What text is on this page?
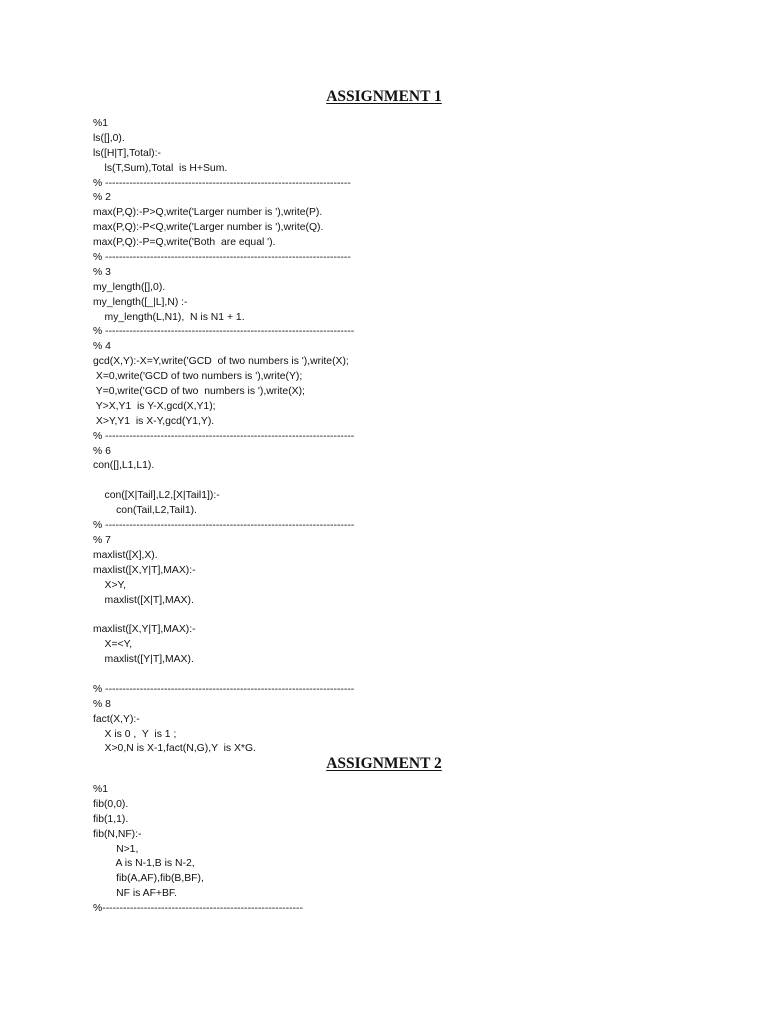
ASSIGNMENT 1
%1
ls([],0).
ls([H|T],Total):-
ls(T,Sum),Total  is H+Sum.
% -----------------------------------------------------------------------
% 2
max(P,Q):-P>Q,write('Larger number is '),write(P).
max(P,Q):-P<Q,write('Larger number is '),write(Q).
max(P,Q):-P=Q,write('Both  are equal ').
% -----------------------------------------------------------------------
% 3
my_length([],0).
my_length([_|L],N) :-
my_length(L,N1),  N is N1 + 1.
% ------------------------------------------------------------------------
% 4
gcd(X,Y):-X=Y,write('GCD  of two numbers is '),write(X);
X=0,write('GCD of two numbers is '),write(Y);
Y=0,write('GCD of two  numbers is '),write(X);
Y>X,Y1  is Y-X,gcd(X,Y1);
X>Y,Y1  is X-Y,gcd(Y1,Y).
% ------------------------------------------------------------------------
% 6
con([],L1,L1).
con([X|Tail],L2,[X|Tail1]):-
con(Tail,L2,Tail1).
% ------------------------------------------------------------------------
% 7
maxlist([X],X).
maxlist([X,Y|T],MAX):-
X>Y,
maxlist([X|T],MAX).
maxlist([X,Y|T],MAX):-
X=<Y,
maxlist([Y|T],MAX).
% ------------------------------------------------------------------------
% 8
fact(X,Y):-
X is 0 ,  Y  is 1 ;
X>0,N is X-1,fact(N,G),Y  is X*G.
ASSIGNMENT 2
%1
fib(0,0).
fib(1,1).
fib(N,NF):-
N>1,
A is N-1,B is N-2,
fib(A,AF),fib(B,BF),
NF is AF+BF.
%----------------------------------------------------------
